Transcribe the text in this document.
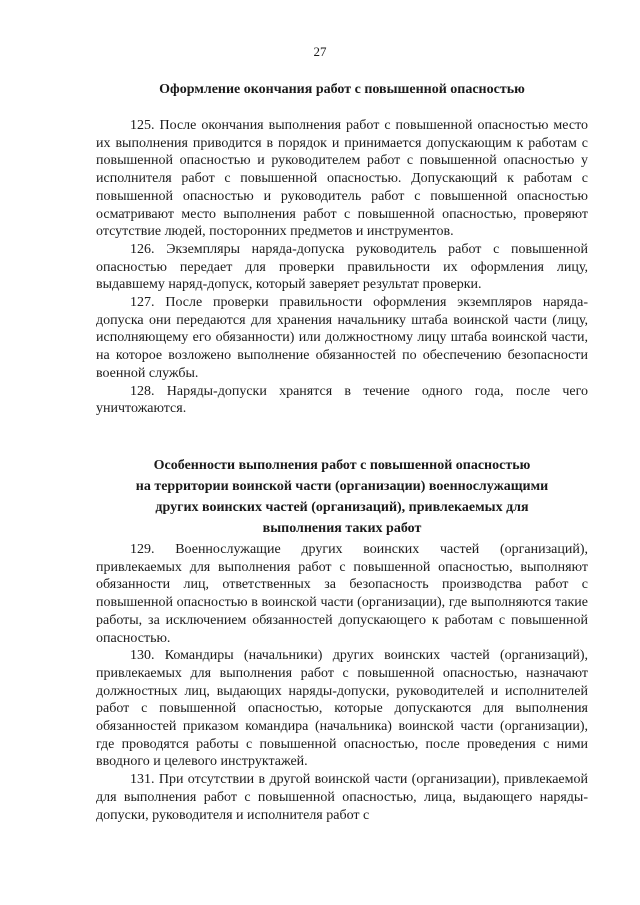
27
Оформление окончания работ с повышенной опасностью

125. После окончания выполнения работ с повышенной опасностью место их выполнения приводится в порядок и принимается допускающим к работам с повышенной опасностью и руководителем работ с повышенной опасностью у исполнителя работ с повышенной опасностью. Допускающий к работам с повышенной опасностью и руководитель работ с повышенной опасностью осматривают место выполнения работ с повышенной опасностью, проверяют отсутствие людей, посторонних предметов и инструментов.

126. Экземпляры наряда-допуска руководитель работ с повышенной опасностью передает для проверки правильности их оформления лицу, выдавшему наряд-допуск, который заверяет результат проверки.

127. После проверки правильности оформления экземпляров наряда-допуска они передаются для хранения начальнику штаба воинской части (лицу, исполняющему его обязанности) или должностному лицу штаба воинской части, на которое возложено выполнение обязанностей по обеспечению безопасности военной службы.

128. Наряды-допуски хранятся в течение одного года, после чего уничтожаются.

Особенности выполнения работ с повышенной опасностью
на территории воинской части (организации) военнослужащими
других воинских частей (организаций), привлекаемых для
выполнения таких работ

129. Военнослужащие других воинских частей (организаций), привлекаемых для выполнения работ с повышенной опасностью, выполняют обязанности лиц, ответственных за безопасность производства работ с повышенной опасностью в воинской части (организации), где выполняются такие работы, за исключением обязанностей допускающего к работам с повышенной опасностью.

130. Командиры (начальники) других воинских частей (организаций), привлекаемых для выполнения работ с повышенной опасностью, назначают должностных лиц, выдающих наряды-допуски, руководителей и исполнителей работ с повышенной опасностью, которые допускаются для выполнения обязанностей приказом командира (начальника) воинской части (организации), где проводятся работы с повышенной опасностью, после проведения с ними вводного и целевого инструктажей.

131. При отсутствии в другой воинской части (организации), привлекаемой для выполнения работ с повышенной опасностью, лица, выдающего наряды-допуски, руководителя и исполнителя работ с
